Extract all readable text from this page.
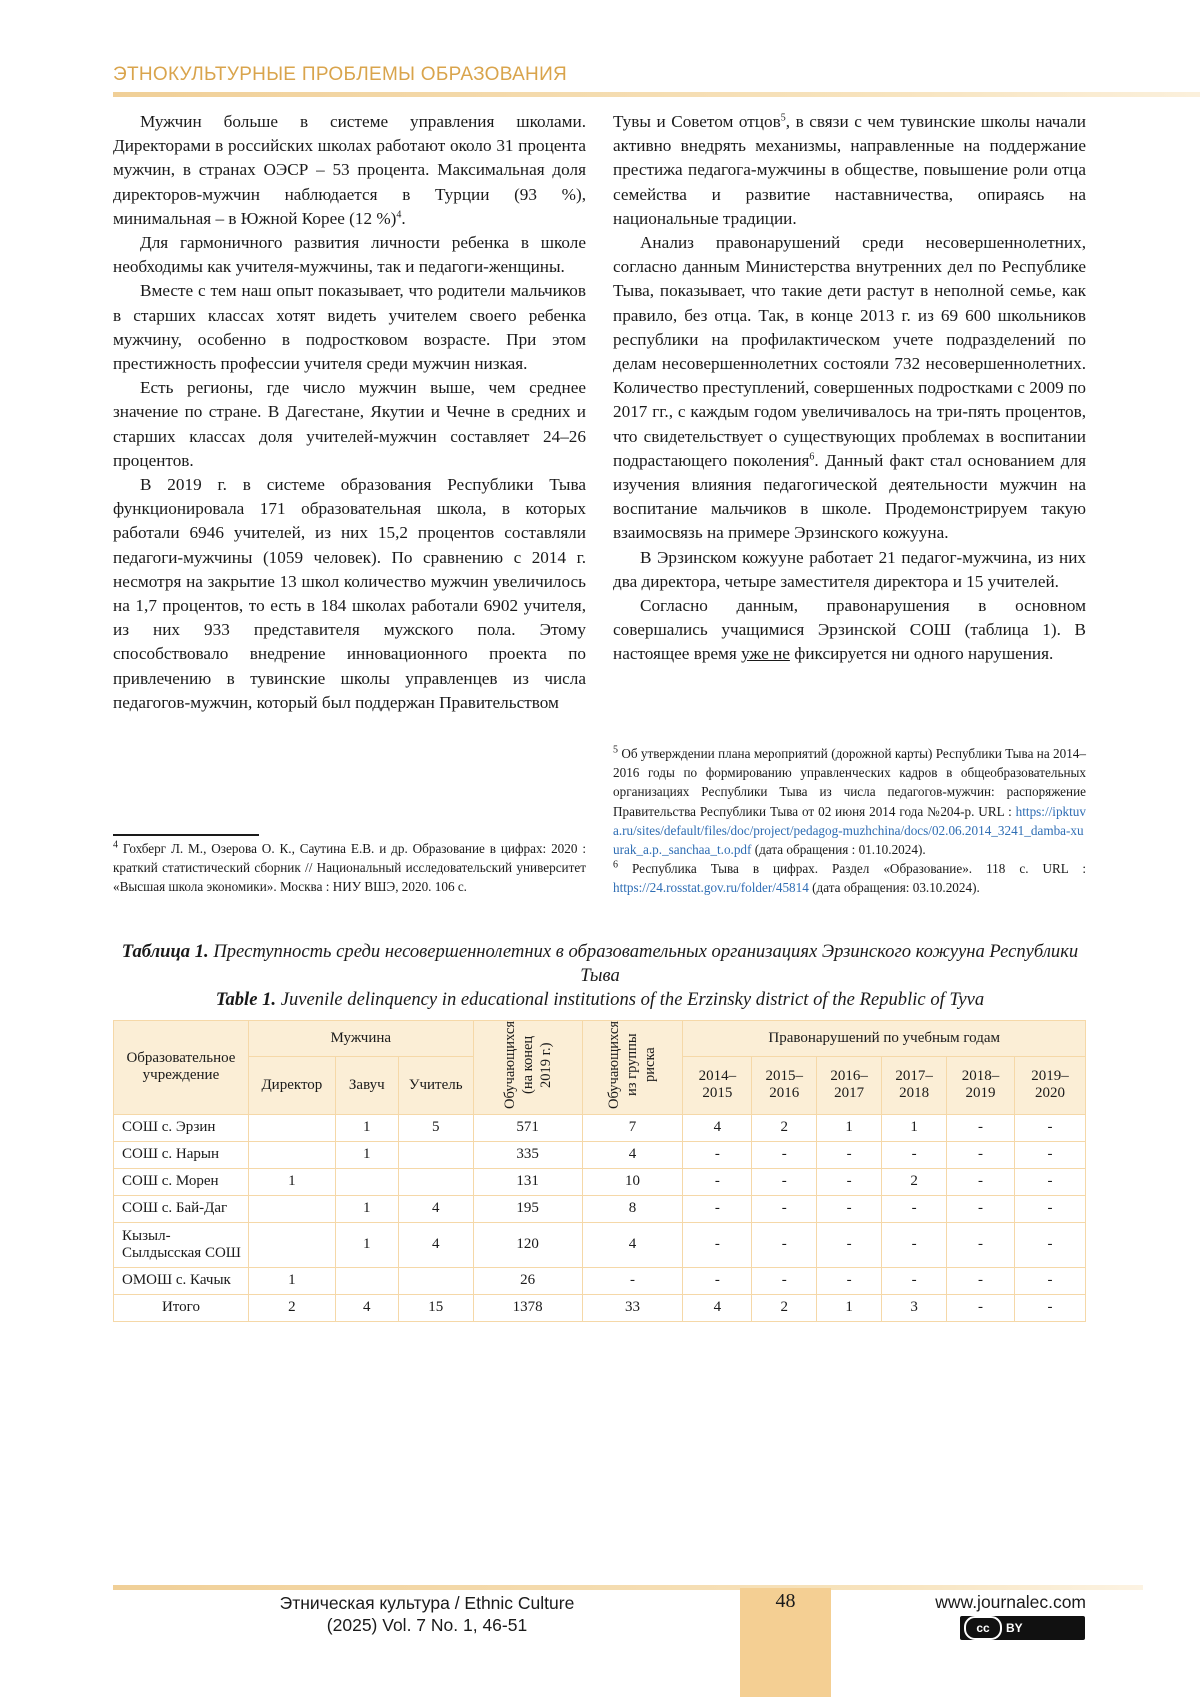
ЭТНОКУЛЬТУРНЫЕ ПРОБЛЕМЫ ОБРАЗОВАНИЯ

Мужчин больше в системе управления школами. Директорами в российских школах работают около 31 процента мужчин, в странах ОЭСР – 53 процента. Максимальная доля директоров-мужчин наблюдается в Турции (93 %), минимальная – в Южной Корее (12 %)$^4$.

Для гармоничного развития личности ребенка в школе необходимы как учителя-мужчины, так и педагоги-женщины.

Вместе с тем наш опыт показывает, что родители мальчиков в старших классах хотят видеть учителем своего ребенка мужчину, особенно в подростковом возрасте. При этом престижность профессии учителя среди мужчин низкая.

Есть регионы, где число мужчин выше, чем среднее значение по стране. В Дагестане, Якутии и Чечне в средних и старших классах доля учителей-мужчин составляет 24–26 процентов.

В 2019 г. в системе образования Республики Тыва функционировала 171 образовательная школа, в которых работали 6946 учителей, из них 15,2 процентов составляли педагоги-мужчины (1059 человек). По сравнению с 2014 г. несмотря на закрытие 13 школ количество мужчин увеличилось на 1,7 процентов, то есть в 184 школах работали 6902 учителя, из них 933 представителя мужского пола. Этому способствовало внедрение инновационного проекта по привлечению в тувинские школы управленцев из числа педагогов-мужчин, который был поддержан Правительством

Тувы и Советом отцов$^5$, в связи с чем тувинские школы начали активно внедрять механизмы, направленные на поддержание престижа педагога-мужчины в обществе, повышение роли отца семейства и развитие наставничества, опираясь на национальные традиции.

Анализ правонарушений среди несовершеннолетних, согласно данным Министерства внутренних дел по Республике Тыва, показывает, что такие дети растут в неполной семье, как правило, без отца. Так, в конце 2013 г. из 69 600 школьников республики на профилактическом учете подразделений по делам несовершеннолетних состояли 732 несовершеннолетних. Количество преступлений, совершенных подростками с 2009 по 2017 гг., с каждым годом увеличивалось на три-пять процентов, что свидетельствует о существующих проблемах в воспитании подрастающего поколения$^6$. Данный факт стал основанием для изучения влияния педагогической деятельности мужчин на воспитание мальчиков в школе. Продемонстрируем такую взаимосвязь на примере Эрзинского кожууна.

В Эрзинском кожууне работает 21 педагог-мужчина, из них два директора, четыре заместителя директора и 15 учителей.

Согласно данным, правонарушения в основном совершались учащимися Эрзинской СОШ (таблица 1). В настоящее время уже не фиксируется ни одного нарушения.

$^4$ Гохберг Л. М., Озерова О. К., Саутина Е.В. и др. Образование в цифрах: 2020 : краткий статистический сборник // Национальный исследовательский университет «Высшая школа экономики». Москва : НИУ ВШЭ, 2020. 106 с.

$^5$ Об утверждении плана мероприятий (дорожной карты) Республики Тыва на 2014–2016 годы по формированию управленческих кадров в общеобразовательных организациях Республики Тыва из числа педагогов-мужчин: распоряжение Правительства Республики Тыва от 02 июня 2014 года №204-р. URL : https://ipktuva.ru/sites/default/files/doc/project/pedagog-muzhchina/docs/02.06.2014_3241_damba-xuurak_a.p._sanchaa_t.o.pdf (дата обращения : 01.10.2024).

$^6$ Республика Тыва в цифрах. Раздел «Образование». 118 с. URL : https://24.rosstat.gov.ru/folder/45814 (дата обращения: 03.10.2024).

Таблица 1. Преступность среди несовершеннолетних в образовательных организациях Эрзинского кожууна Республики Тыва
Table 1. Juvenile delinquency in educational institutions of the Erzinsky district of the Republic of Tyva
Образовательное учреждение	Мужчина			Обучающихся (на конец 2019 г.)	Обучающихся из группы риска	Правонарушений по учебным годам					
	Директор	Завуч	Учитель			2014–2015	2015–2016	2016–2017	2017–2018	2018–2019	2019–2020
СОШ с. Эрзин		1	5	571	7	4	2	1	1	-	-
СОШ с. Нарын		1		335	4	-	-	-	-	-	-
СОШ с. Морен	1			131	10	-	-	-	2	-	-
СОШ с. Бай-Даг		1	4	195	8	-	-	-	-	-	-
Кызыл-Сылдысская СОШ		1	4	120	4	-	-	-	-	-	-
ОМОШ с. Качык	1			26	-	-	-	-	-	-	-
Итого	2	4	15	1378	33	4	2	1	3	-	-
Этническая культура / Ethnic Culture
(2025) Vol. 7 No. 1, 46-51
48	www.journalec.com
cc	BY
